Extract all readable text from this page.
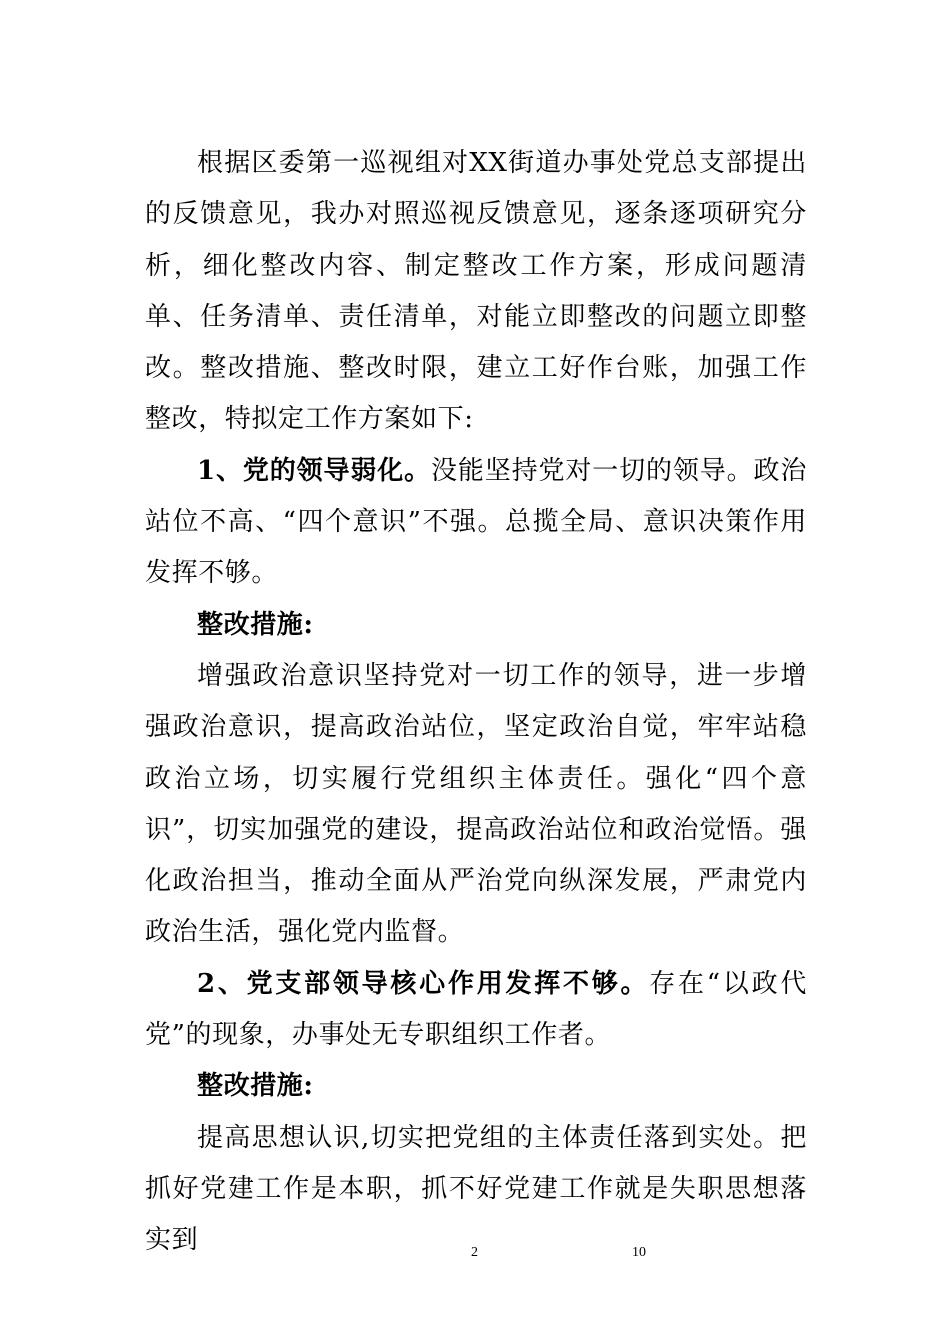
根据区委第一巡视组对XX街道办事处党总支部提出的反馈意见，我办对照巡视反馈意见，逐条逐项研究分析，细化整改内容、制定整改工作方案，形成问题清单、任务清单、责任清单，对能立即整改的问题立即整改。整改措施、整改时限，建立工好作台账，加强工作整改，特拟定工作方案如下:

1、党的领导弱化。没能坚持党对一切的领导。政治站位不高、“四个意识”不强。总揽全局、意识决策作用发挥不够。

整改措施:

增强政治意识坚持党对一切工作的领导，进一步增强政治意识，提高政治站位，坚定政治自觉，牢牢站稳政治立场，切实履行党组织主体责任。强化“四个意识”，切实加强党的建设，提高政治站位和政治觉悟。强化政治担当，推动全面从严治党向纵深发展，严肃党内政治生活，强化党内监督。

2、党支部领导核心作用发挥不够。存在“以政代党”的现象，办事处无专职组织工作者。

整改措施:

提高思想认识,切实把党组的主体责任落到实处。把抓好党建工作是本职，抓不好党建工作就是失职思想落实到	2	10
